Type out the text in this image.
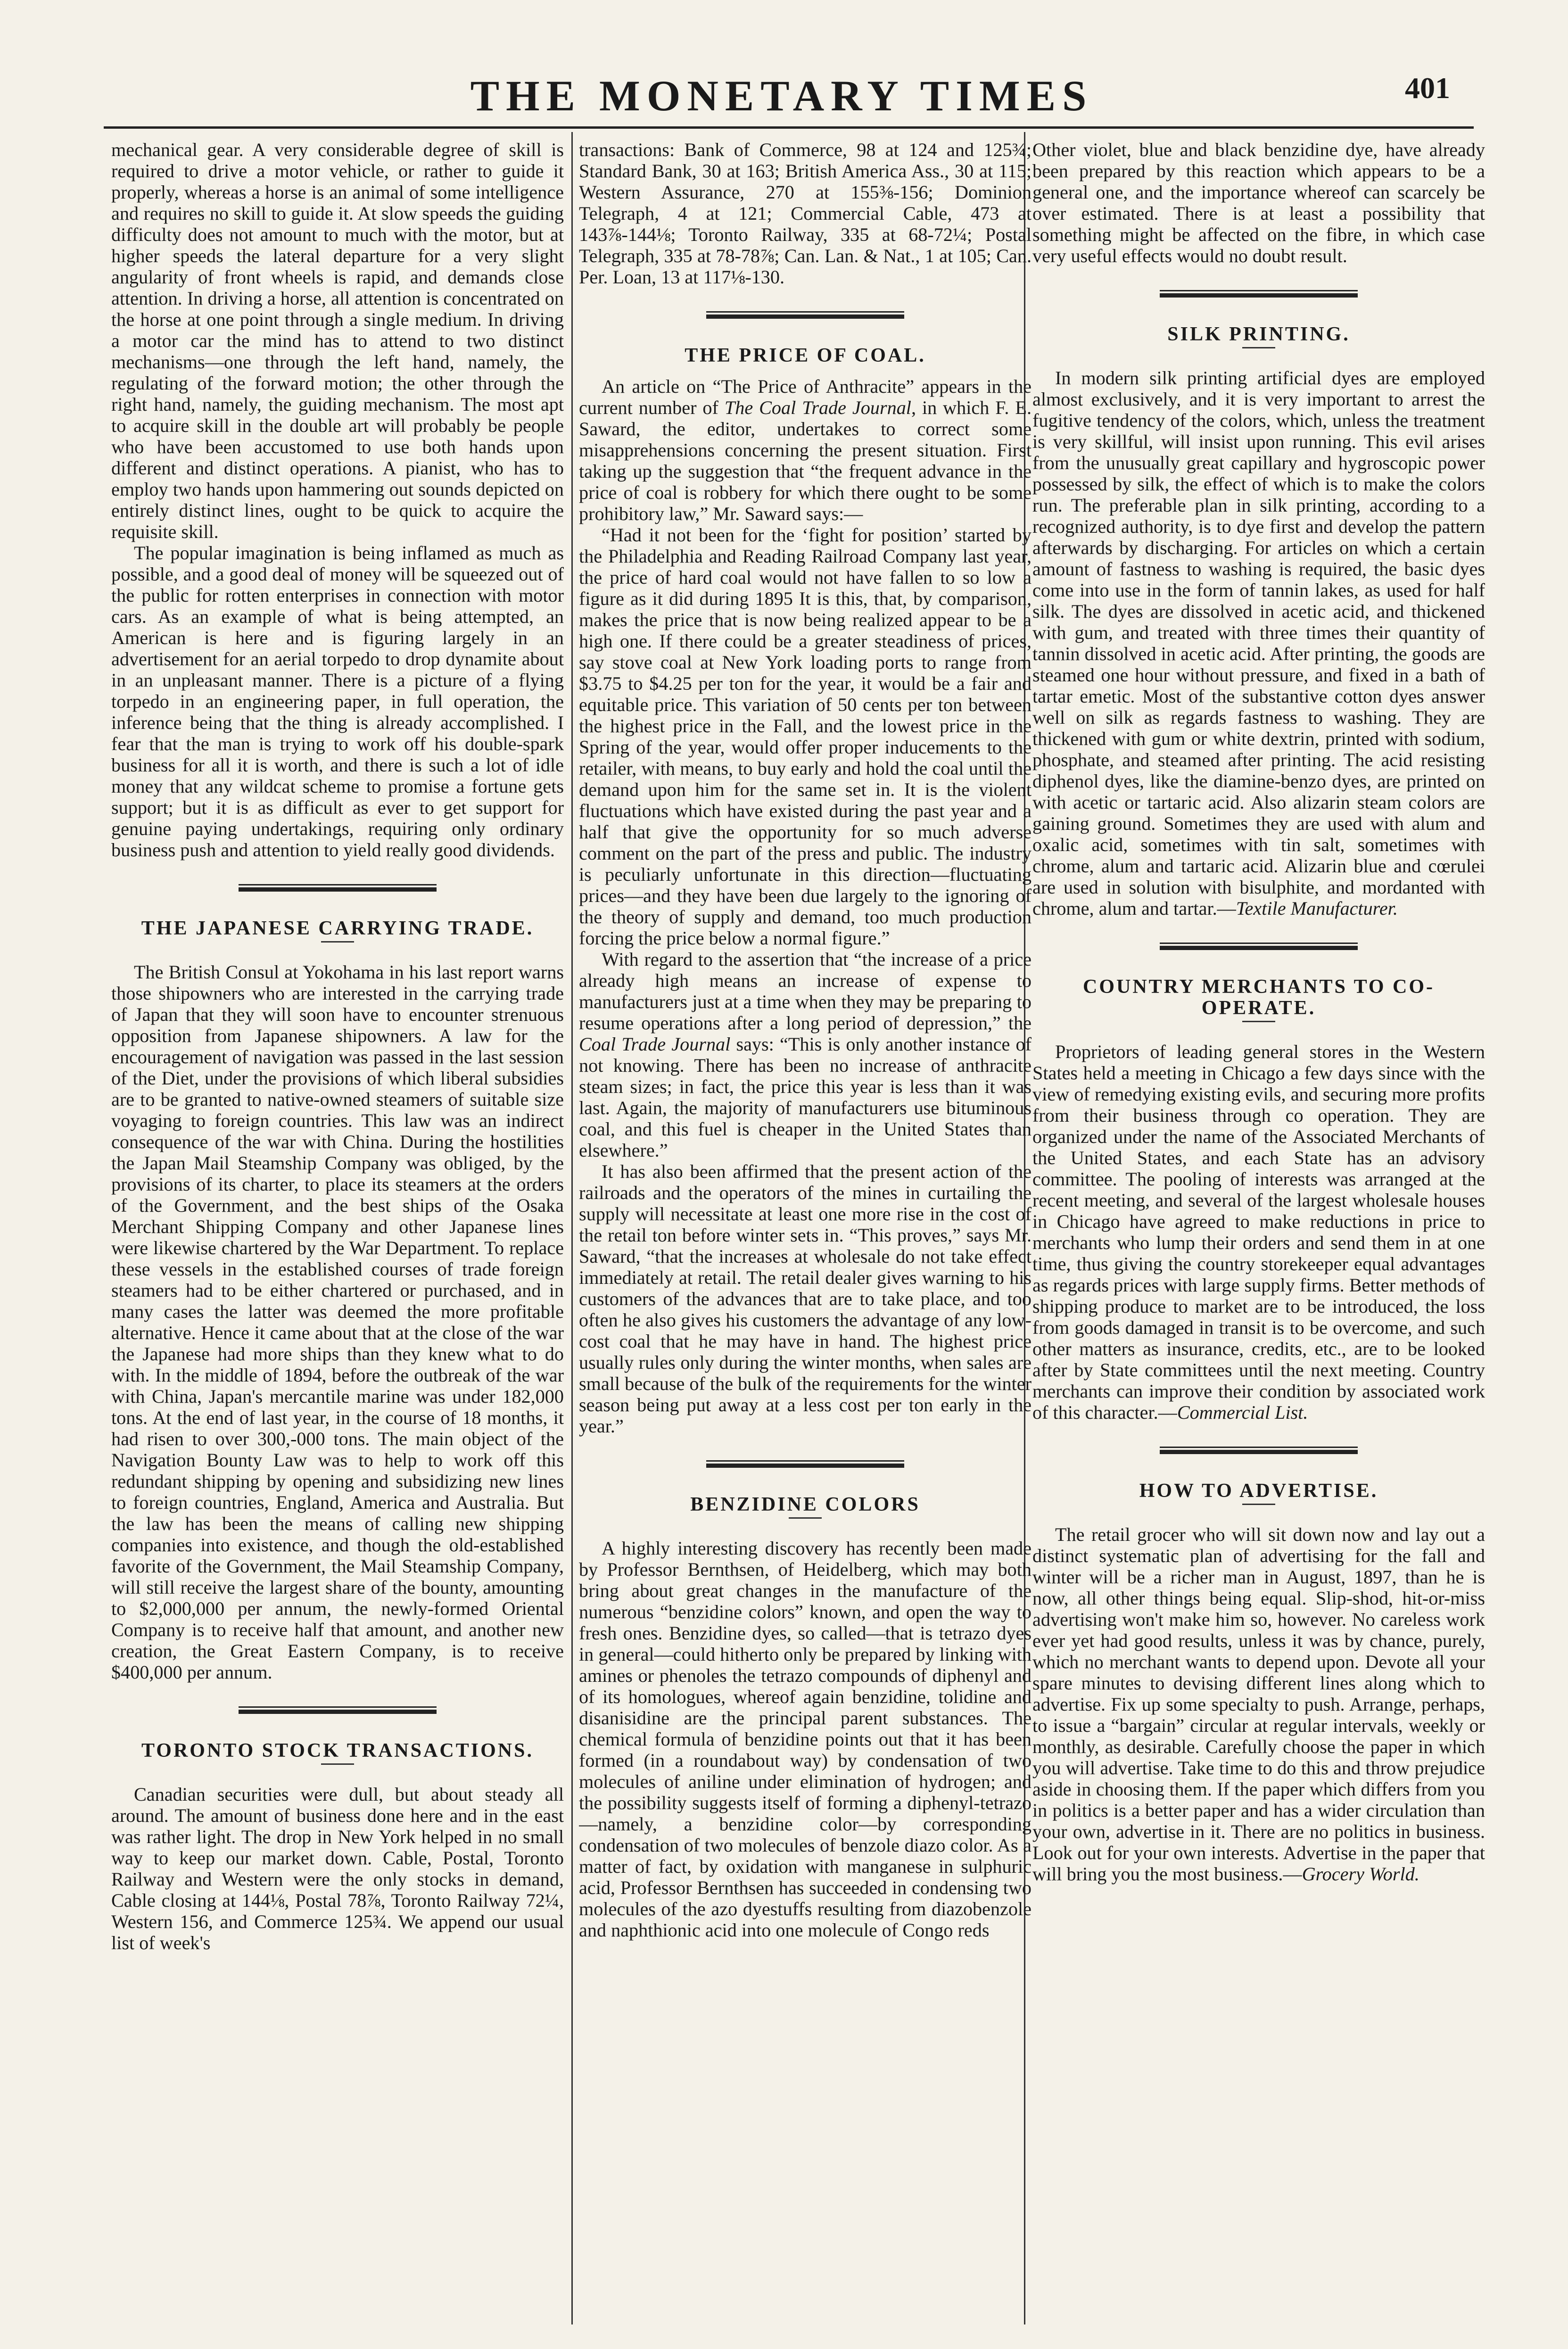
THE MONETARY TIMES	401

mechanical gear. A very considerable degree of skill is required to drive a motor vehicle, or rather to guide it properly, whereas a horse is an animal of some intelligence and requires no skill to guide it. At slow speeds the guiding difficulty does not amount to much with the motor, but at higher speeds the lateral departure for a very slight angularity of front wheels is rapid, and demands close attention. In driving a horse, all attention is concentrated on the horse at one point through a single medium. In driving a motor car the mind has to attend to two distinct mechanisms—one through the left hand, namely, the regulating of the forward motion; the other through the right hand, namely, the guiding mechanism. The most apt to acquire skill in the double art will probably be people who have been accustomed to use both hands upon different and distinct operations. A pianist, who has to employ two hands upon hammering out sounds depicted on entirely distinct lines, ought to be quick to acquire the requisite skill.

The popular imagination is being inflamed as much as possible, and a good deal of money will be squeezed out of the public for rotten enterprises in connection with motor cars. As an example of what is being attempted, an American is here and is figuring largely in an advertisement for an aerial torpedo to drop dynamite about in an unpleasant manner. There is a picture of a flying torpedo in an engineering paper, in full operation, the inference being that the thing is already accomplished. I fear that the man is trying to work off his double-spark business for all it is worth, and there is such a lot of idle money that any wildcat scheme to promise a fortune gets support; but it is as difficult as ever to get support for genuine paying undertakings, requiring only ordinary business push and attention to yield really good dividends.

THE JAPANESE CARRYING TRADE.

The British Consul at Yokohama in his last report warns those shipowners who are interested in the carrying trade of Japan that they will soon have to encounter strenuous opposition from Japanese shipowners. A law for the encouragement of navigation was passed in the last session of the Diet, under the provisions of which liberal subsidies are to be granted to native-owned steamers of suitable size voyaging to foreign countries. This law was an indirect consequence of the war with China. During the hostilities the Japan Mail Steamship Company was obliged, by the provisions of its charter, to place its steamers at the orders of the Government, and the best ships of the Osaka Merchant Shipping Company and other Japanese lines were likewise chartered by the War Department. To replace these vessels in the established courses of trade foreign steamers had to be either chartered or purchased, and in many cases the latter was deemed the more profitable alternative. Hence it came about that at the close of the war the Japanese had more ships than they knew what to do with. In the middle of 1894, before the outbreak of the war with China, Japan's mercantile marine was under 182,000 tons. At the end of last year, in the course of 18 months, it had risen to over 300,-000 tons. The main object of the Navigation Bounty Law was to help to work off this redundant shipping by opening and subsidizing new lines to foreign countries, England, America and Australia. But the law has been the means of calling new shipping companies into existence, and though the old-established favorite of the Government, the Mail Steamship Company, will still receive the largest share of the bounty, amounting to $2,000,000 per annum, the newly-formed Oriental Company is to receive half that amount, and another new creation, the Great Eastern Company, is to receive $400,000 per annum.

TORONTO STOCK TRANSACTIONS.

Canadian securities were dull, but about steady all around. The amount of business done here and in the east was rather light. The drop in New York helped in no small way to keep our market down. Cable, Postal, Toronto Railway and Western were the only stocks in demand, Cable closing at 144⅛, Postal 78⅞, Toronto Railway 72¼, Western 156, and Commerce 125¾. We append our usual list of week's

transactions: Bank of Commerce, 98 at 124 and 125¾; Standard Bank, 30 at 163; British America Ass., 30 at 115; Western Assurance, 270 at 155⅜-156; Dominion Telegraph, 4 at 121; Commercial Cable, 473 at 143⅞-144⅛; Toronto Railway, 335 at 68-72¼; Postal Telegraph, 335 at 78-78⅞; Can. Lan. & Nat., 1 at 105; Can. Per. Loan, 13 at 117⅛-130.

THE PRICE OF COAL.

An article on “The Price of Anthracite” appears in the current number of The Coal Trade Journal, in which F. E. Saward, the editor, undertakes to correct some misapprehensions concerning the present situation. First taking up the suggestion that “the frequent advance in the price of coal is robbery for which there ought to be some prohibitory law,” Mr. Saward says:—

“Had it not been for the ‘fight for position’ started by the Philadelphia and Reading Railroad Company last year, the price of hard coal would not have fallen to so low a figure as it did during 1895 It is this, that, by comparison, makes the price that is now being realized appear to be a high one. If there could be a greater steadiness of prices, say stove coal at New York loading ports to range from $3.75 to $4.25 per ton for the year, it would be a fair and equitable price. This variation of 50 cents per ton between the highest price in the Fall, and the lowest price in the Spring of the year, would offer proper inducements to the retailer, with means, to buy early and hold the coal until the demand upon him for the same set in. It is the violent fluctuations which have existed during the past year and a half that give the opportunity for so much adverse comment on the part of the press and public. The industry is peculiarly unfortunate in this direction—fluctuating prices—and they have been due largely to the ignoring of the theory of supply and demand, too much production forcing the price below a normal figure.”

With regard to the assertion that “the increase of a price already high means an increase of expense to manufacturers just at a time when they may be preparing to resume operations after a long period of depression,” the Coal Trade Journal says: “This is only another instance of not knowing. There has been no increase of anthracite steam sizes; in fact, the price this year is less than it was last. Again, the majority of manufacturers use bituminous coal, and this fuel is cheaper in the United States than elsewhere.”

It has also been affirmed that the present action of the railroads and the operators of the mines in curtailing the supply will necessitate at least one more rise in the cost of the retail ton before winter sets in. “This proves,” says Mr. Saward, “that the increases at wholesale do not take effect immediately at retail. The retail dealer gives warning to his customers of the advances that are to take place, and too often he also gives his customers the advantage of any low-cost coal that he may have in hand. The highest price usually rules only during the winter months, when sales are small because of the bulk of the requirements for the winter season being put away at a less cost per ton early in the year.”

BENZIDINE COLORS

A highly interesting discovery has recently been made by Professor Bernthsen, of Heidelberg, which may both bring about great changes in the manufacture of the numerous “benzidine colors” known, and open the way to fresh ones. Benzidine dyes, so called—that is tetrazo dyes in general—could hitherto only be prepared by linking with amines or phenoles the tetrazo compounds of diphenyl and of its homologues, whereof again benzidine, tolidine and disanisidine are the principal parent substances. The chemical formula of benzidine points out that it has been formed (in a roundabout way) by condensation of two molecules of aniline under elimination of hydrogen; and the possibility suggests itself of forming a diphenyl-tetrazo—namely, a benzidine color—by corresponding condensation of two molecules of benzole diazo color. As a matter of fact, by oxidation with manganese in sulphuric acid, Professor Bernthsen has succeeded in condensing two molecules of the azo dyestuffs resulting from diazobenzole and naphthionic acid into one molecule of Congo reds

Other violet, blue and black benzidine dye, have already been prepared by this reaction which appears to be a general one, and the importance whereof can scarcely be over estimated. There is at least a possibility that something might be affected on the fibre, in which case very useful effects would no doubt result.

SILK PRINTING.

In modern silk printing artificial dyes are employed almost exclusively, and it is very important to arrest the fugitive tendency of the colors, which, unless the treatment is very skillful, will insist upon running. This evil arises from the unusually great capillary and hygroscopic power possessed by silk, the effect of which is to make the colors run. The preferable plan in silk printing, according to a recognized authority, is to dye first and develop the pattern afterwards by discharging. For articles on which a certain amount of fastness to washing is required, the basic dyes come into use in the form of tannin lakes, as used for half silk. The dyes are dissolved in acetic acid, and thickened with gum, and treated with three times their quantity of tannin dissolved in acetic acid. After printing, the goods are steamed one hour without pressure, and fixed in a bath of tartar emetic. Most of the substantive cotton dyes answer well on silk as regards fastness to washing. They are thickened with gum or white dextrin, printed with sodium, phosphate, and steamed after printing. The acid resisting diphenol dyes, like the diamine-benzo dyes, are printed on with acetic or tartaric acid. Also alizarin steam colors are gaining ground. Sometimes they are used with alum and oxalic acid, sometimes with tin salt, sometimes with chrome, alum and tartaric acid. Alizarin blue and cœrulei are used in solution with bisulphite, and mordanted with chrome, alum and tartar.—Textile Manufacturer.

COUNTRY MERCHANTS TO CO-OPERATE.

Proprietors of leading general stores in the Western States held a meeting in Chicago a few days since with the view of remedying existing evils, and securing more profits from their business through co operation. They are organized under the name of the Associated Merchants of the United States, and each State has an advisory committee. The pooling of interests was arranged at the recent meeting, and several of the largest wholesale houses in Chicago have agreed to make reductions in price to merchants who lump their orders and send them in at one time, thus giving the country storekeeper equal advantages as regards prices with large supply firms. Better methods of shipping produce to market are to be introduced, the loss from goods damaged in transit is to be overcome, and such other matters as insurance, credits, etc., are to be looked after by State committees until the next meeting. Country merchants can improve their condition by associated work of this character.—Commercial List.

HOW TO ADVERTISE.

The retail grocer who will sit down now and lay out a distinct systematic plan of advertising for the fall and winter will be a richer man in August, 1897, than he is now, all other things being equal. Slip-shod, hit-or-miss advertising won't make him so, however. No careless work ever yet had good results, unless it was by chance, purely, which no merchant wants to depend upon. Devote all your spare minutes to devising different lines along which to advertise. Fix up some specialty to push. Arrange, perhaps, to issue a “bargain” circular at regular intervals, weekly or monthly, as desirable. Carefully choose the paper in which you will advertise. Take time to do this and throw prejudice aside in choosing them. If the paper which differs from you in politics is a better paper and has a wider circulation than your own, advertise in it. There are no politics in business. Look out for your own interests. Advertise in the paper that will bring you the most business.—Grocery World.
